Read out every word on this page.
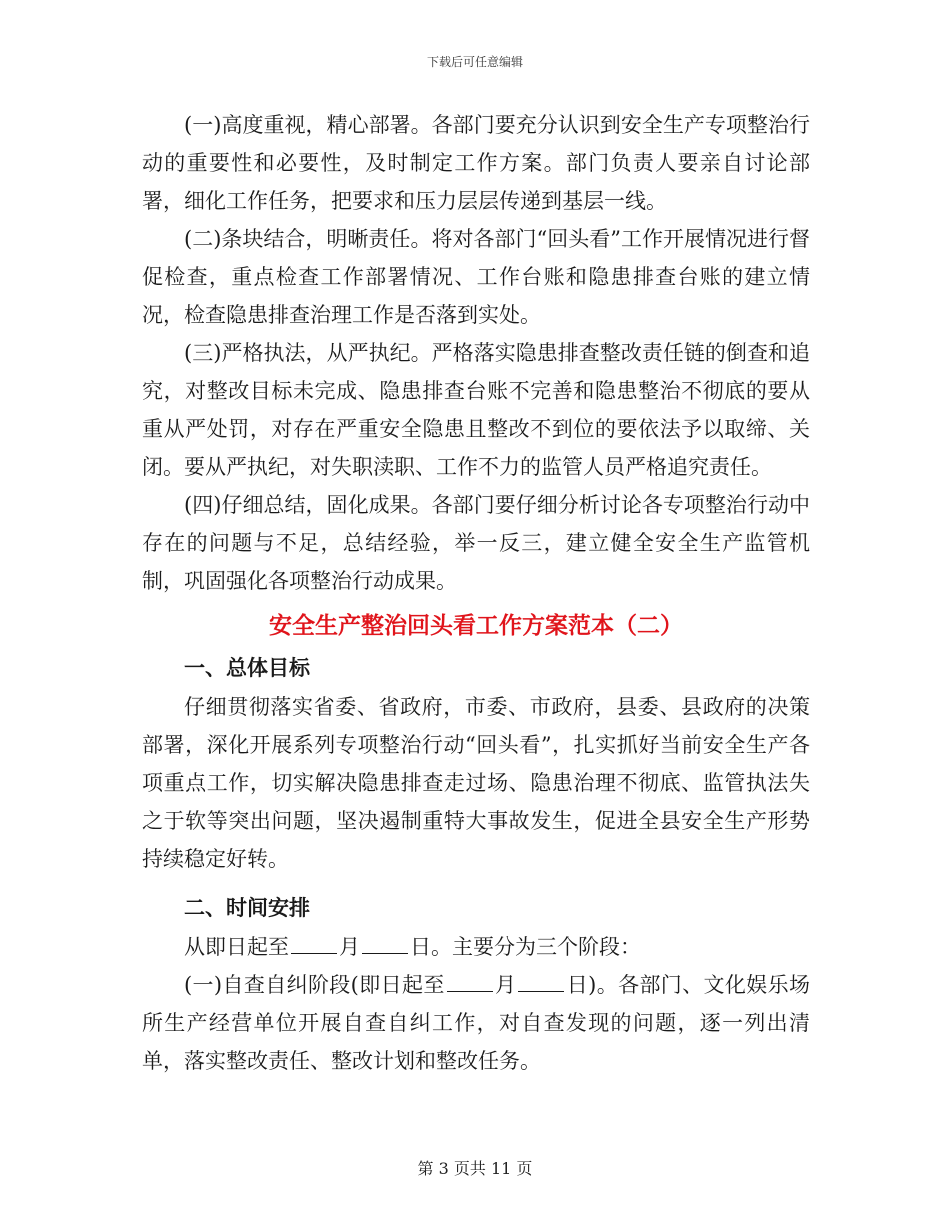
下载后可任意编辑

(一)高度重视，精心部署。各部门要充分认识到安全生产专项整治行动的重要性和必要性，及时制定工作方案。部门负责人要亲自讨论部署，细化工作任务，把要求和压力层层传递到基层一线。

(二)条块结合，明晰责任。将对各部门“回头看”工作开展情况进行督促检查，重点检查工作部署情况、工作台账和隐患排查台账的建立情况，检查隐患排查治理工作是否落到实处。

(三)严格执法，从严执纪。严格落实隐患排查整改责任链的倒查和追究，对整改目标未完成、隐患排查台账不完善和隐患整治不彻底的要从重从严处罚，对存在严重安全隐患且整改不到位的要依法予以取缔、关闭。要从严执纪，对失职渎职、工作不力的监管人员严格追究责任。

(四)仔细总结，固化成果。各部门要仔细分析讨论各专项整治行动中存在的问题与不足，总结经验，举一反三，建立健全安全生产监管机制，巩固强化各项整治行动成果。

安全生产整治回头看工作方案范本（二）
一、总体目标

仔细贯彻落实省委、省政府，市委、市政府，县委、县政府的决策部署，深化开展系列专项整治行动“回头看”，扎实抓好当前安全生产各项重点工作，切实解决隐患排查走过场、隐患治理不彻底、监管执法失之于软等突出问题，坚决遏制重特大事故发生，促进全县安全生产形势持续稳定好转。

二、时间安排

从即日起至 月 日。主要分为三个阶段：

(一)自查自纠阶段(即日起至 月 日)。各部门、文化娱乐场所生产经营单位开展自查自纠工作，对自查发现的问题，逐一列出清单，落实整改责任、整改计划和整改任务。

第 3 页共 11 页
